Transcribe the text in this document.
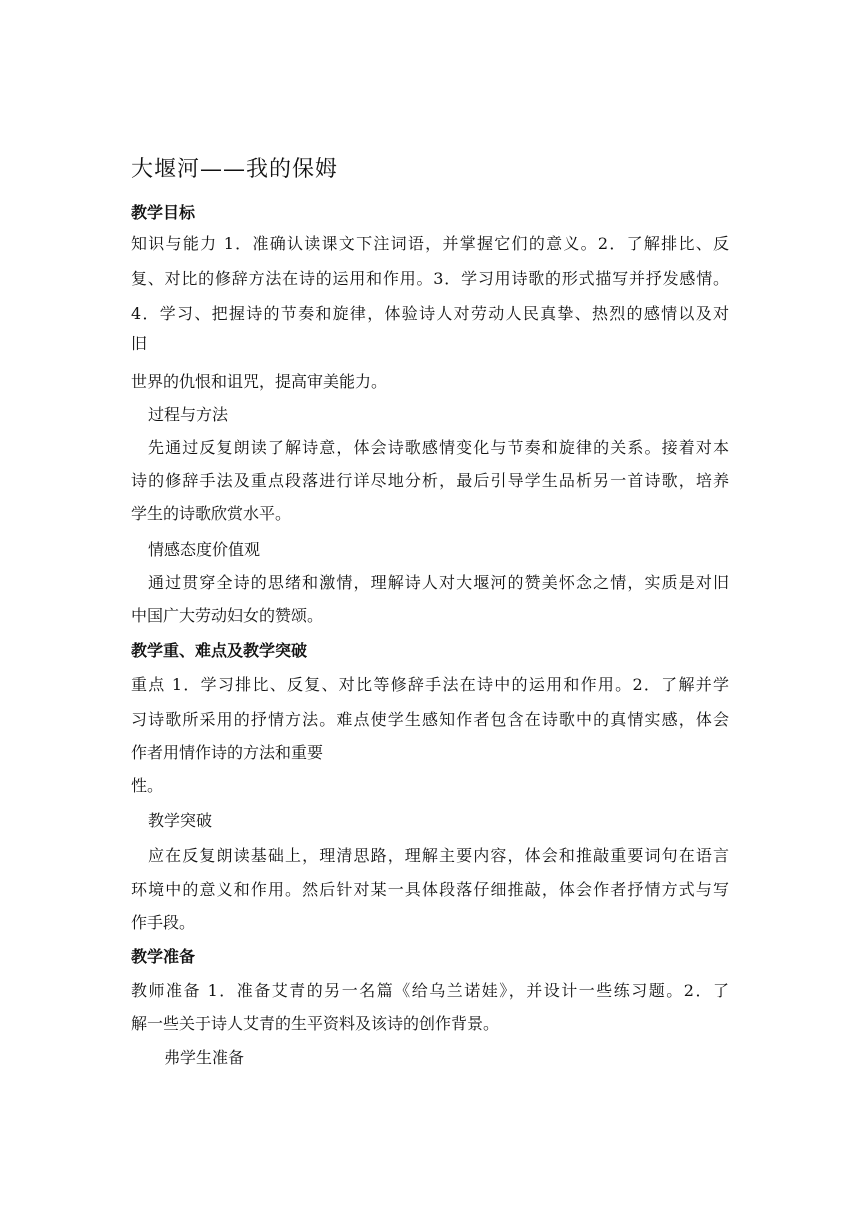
大堰河——我的保姆
教学目标
知识与能力 1．准确认读课文下注词语，并掌握它们的意义。2．了解排比、反
复、对比的修辞方法在诗的运用和作用。3．学习用诗歌的形式描写并抒发感情。
4．学习、把握诗的节奏和旋律，体验诗人对劳动人民真挚、热烈的感情以及对
旧
世界的仇恨和诅咒，提高审美能力。
过程与方法
先通过反复朗读了解诗意，体会诗歌感情变化与节奏和旋律的关系。接着对本
诗的修辞手法及重点段落进行详尽地分析，最后引导学生品析另一首诗歌，培养
学生的诗歌欣赏水平。
情感态度价值观
通过贯穿全诗的思绪和激情，理解诗人对大堰河的赞美怀念之情，实质是对旧
中国广大劳动妇女的赞颂。
教学重、难点及教学突破
重点 1．学习排比、反复、对比等修辞手法在诗中的运用和作用。2．了解并学
习诗歌所采用的抒情方法。难点使学生感知作者包含在诗歌中的真情实感，体会
作者用情作诗的方法和重要
性。
教学突破
应在反复朗读基础上，理清思路，理解主要内容，体会和推敲重要词句在语言
环境中的意义和作用。然后针对某一具体段落仔细推敲，体会作者抒情方式与写
作手段。
教学准备
教师准备 1．准备艾青的另一名篇《给乌兰诺娃》，并设计一些练习题。2．了
解一些关于诗人艾青的生平资料及该诗的创作背景。
弗学生准备
